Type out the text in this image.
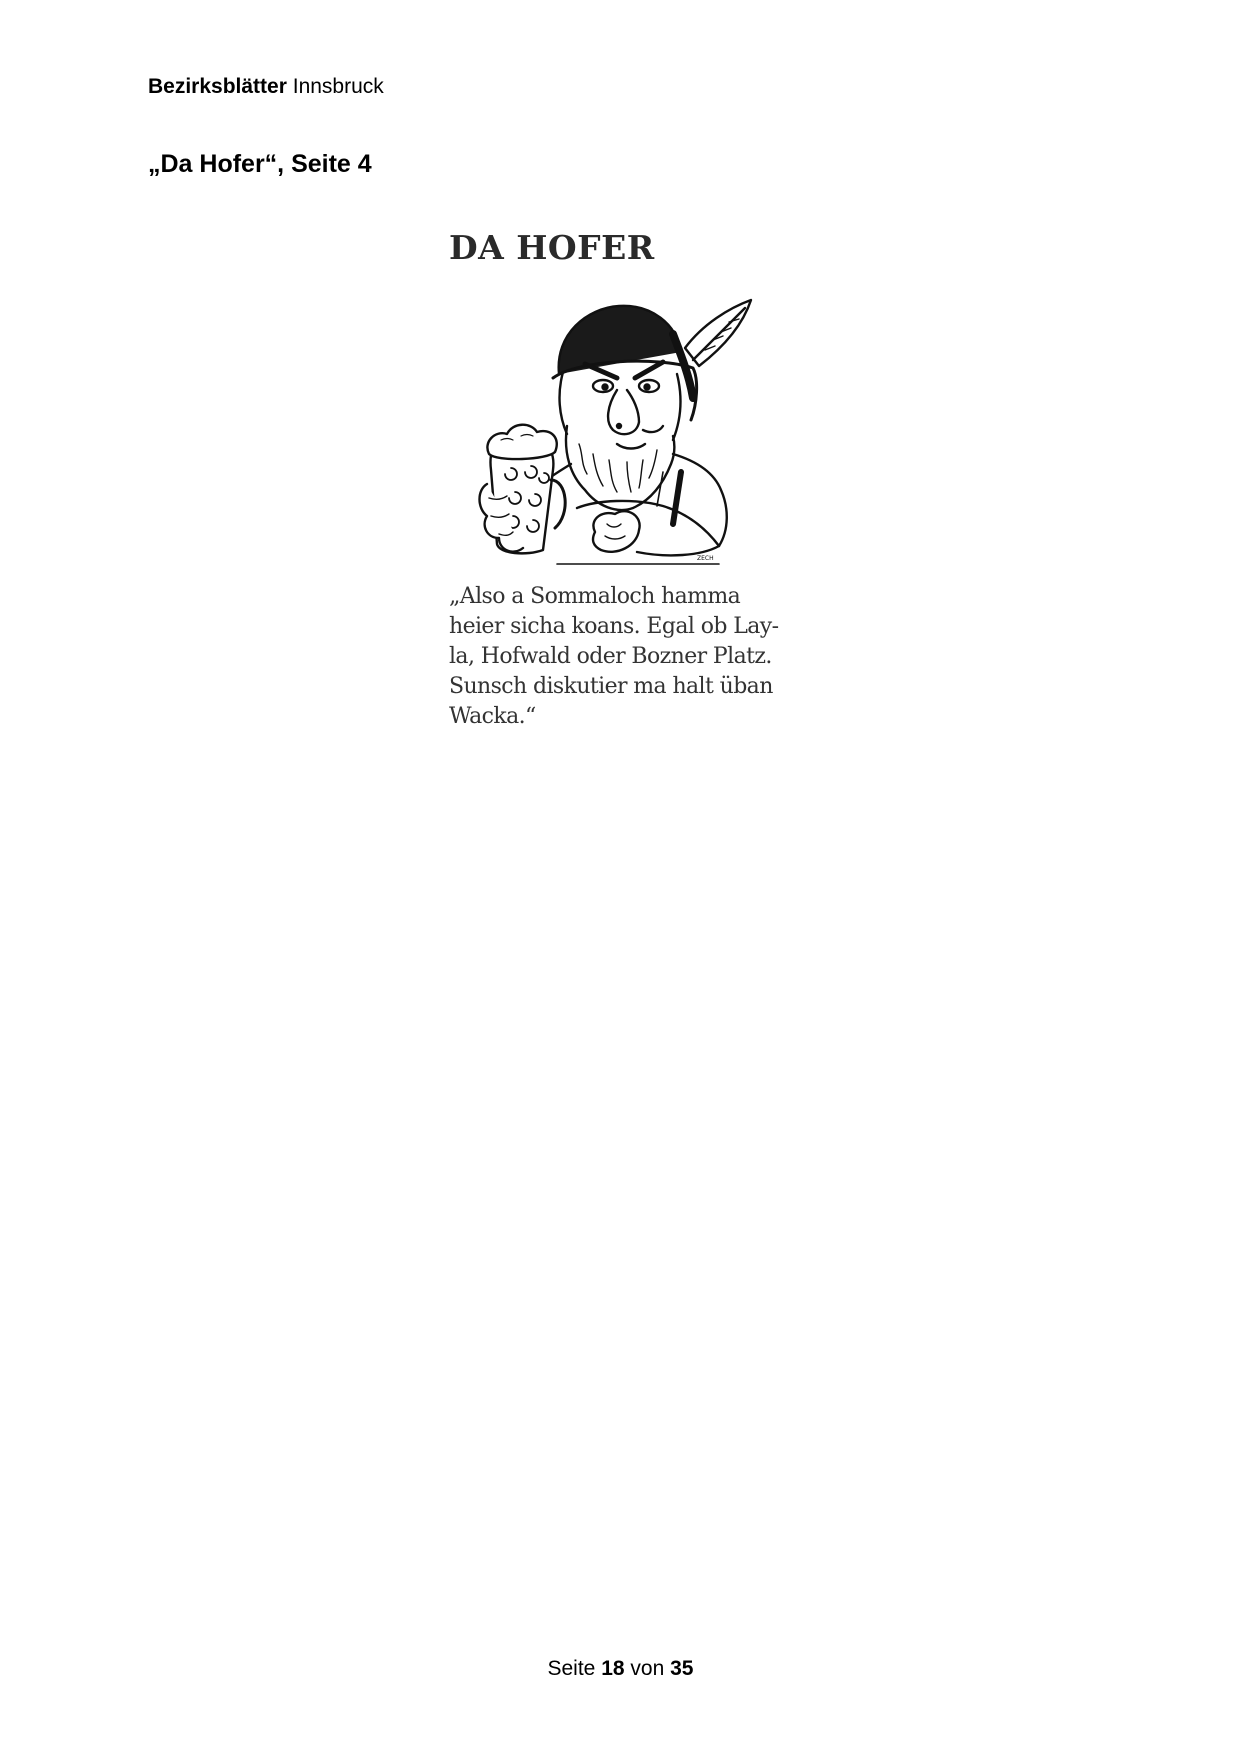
Bezirksblätter Innsbruck
„Da Hofer“, Seite 4
DA HOFER
ZECH
„Also a Sommaloch hamma
heier sicha koans. Egal ob Lay-
la, Hofwald oder Bozner Platz.
Sunsch diskutier ma halt üban
Wacka.“
Seite 18 von 35
